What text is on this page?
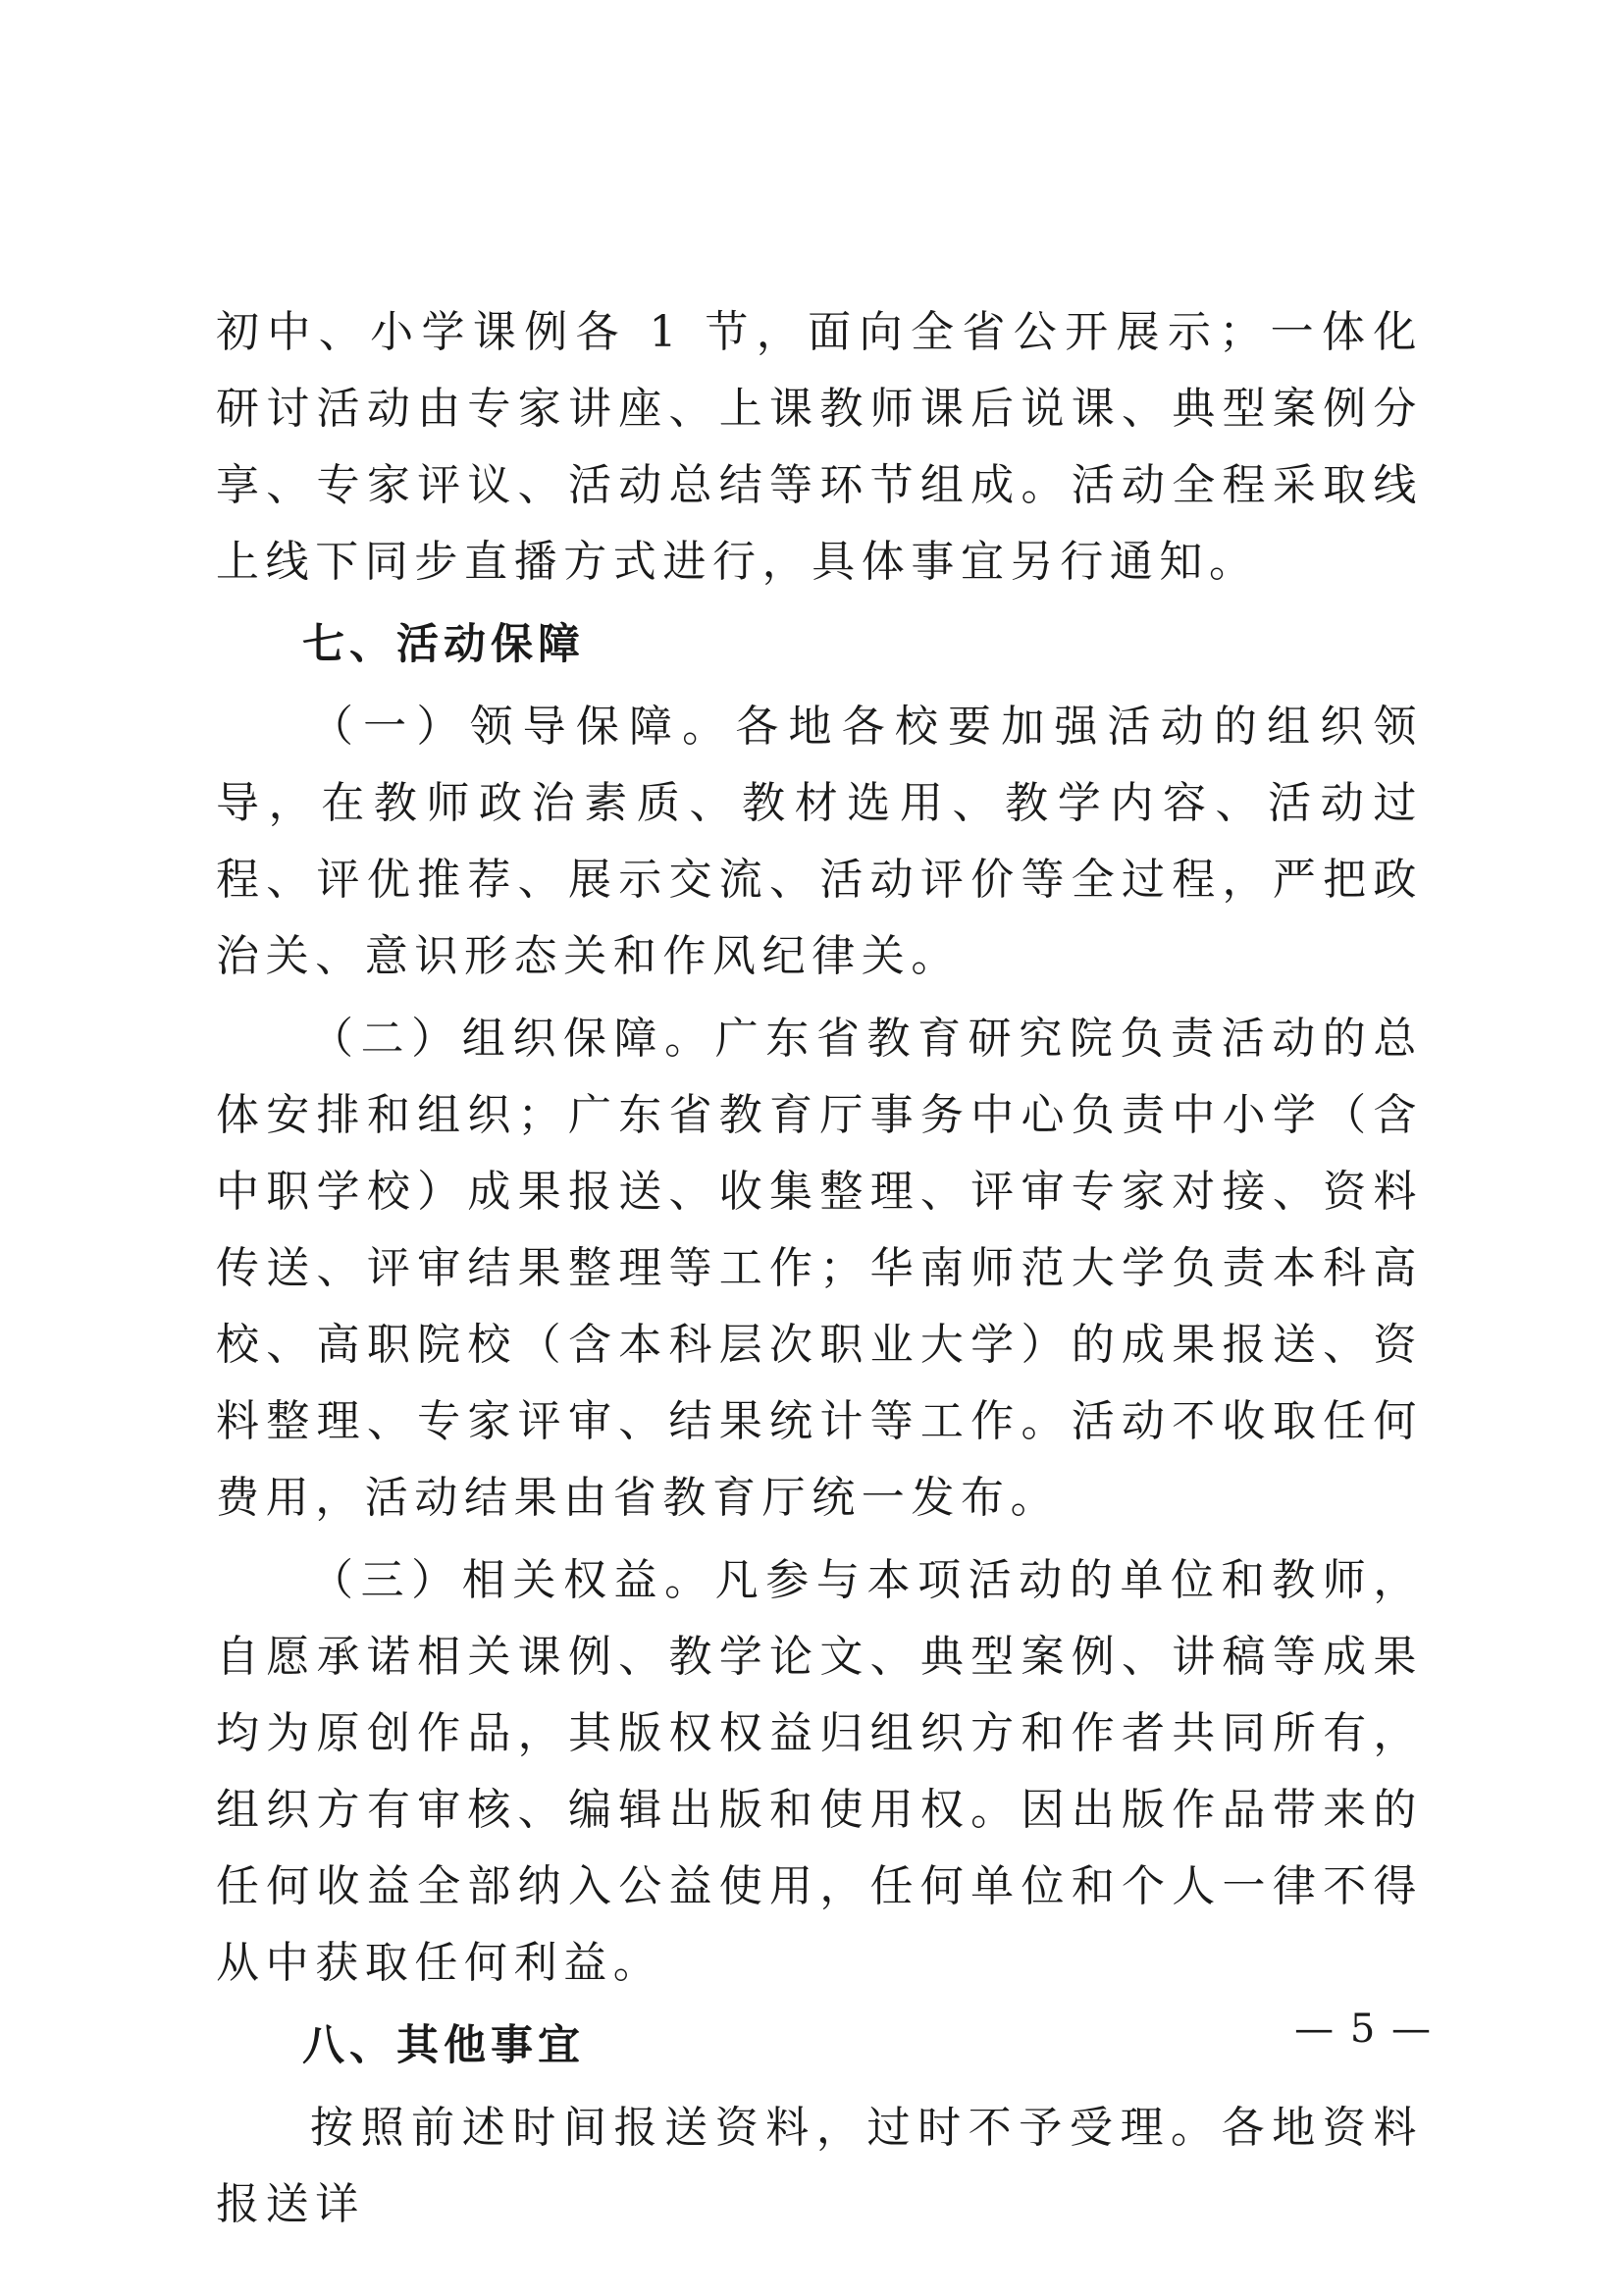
初中、小学课例各 1 节，面向全省公开展示；一体化研讨活动由专家讲座、上课教师课后说课、典型案例分享、专家评议、活动总结等环节组成。活动全程采取线上线下同步直播方式进行，具体事宜另行通知。

七、活动保障

（一）领导保障。各地各校要加强活动的组织领导，在教师政治素质、教材选用、教学内容、活动过程、评优推荐、展示交流、活动评价等全过程，严把政治关、意识形态关和作风纪律关。

（二）组织保障。广东省教育研究院负责活动的总体安排和组织；广东省教育厅事务中心负责中小学（含中职学校）成果报送、收集整理、评审专家对接、资料传送、评审结果整理等工作；华南师范大学负责本科高校、高职院校（含本科层次职业大学）的成果报送、资料整理、专家评审、结果统计等工作。活动不收取任何费用，活动结果由省教育厅统一发布。

（三）相关权益。凡参与本项活动的单位和教师，自愿承诺相关课例、教学论文、典型案例、讲稿等成果均为原创作品，其版权权益归组织方和作者共同所有，组织方有审核、编辑出版和使用权。因出版作品带来的任何收益全部纳入公益使用，任何单位和个人一律不得从中获取任何利益。

八、其他事宜

按照前述时间报送资料，过时不予受理。各地资料报送详

— 5 —
